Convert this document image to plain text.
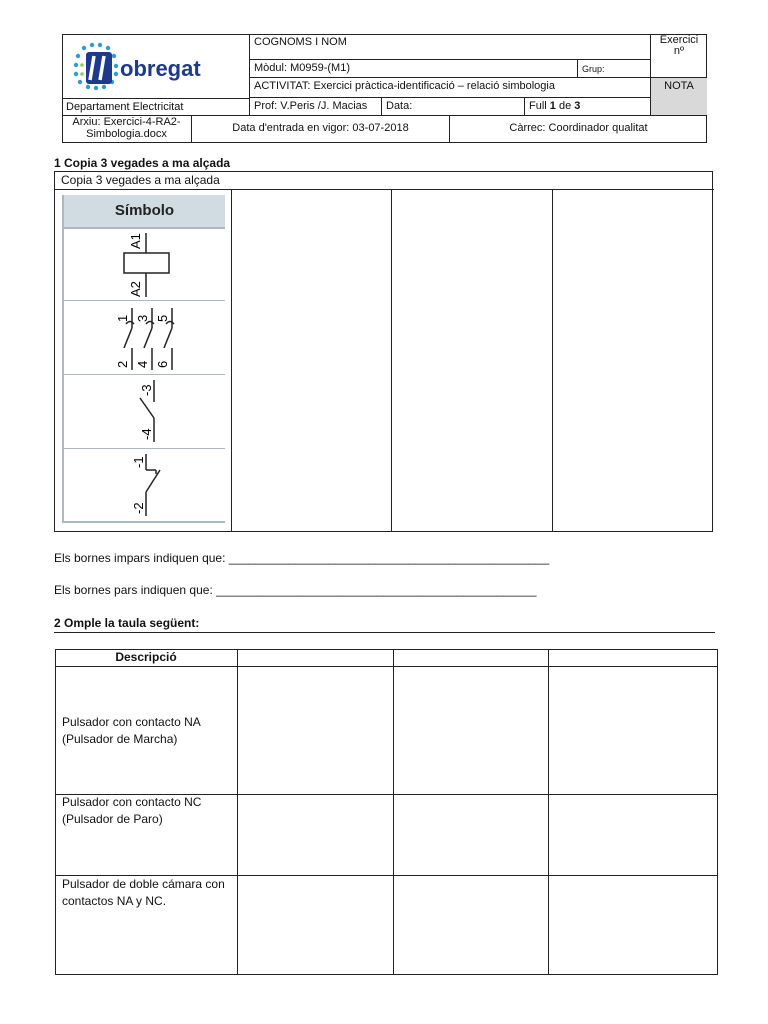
obregat
COGNOMS I NOM	Exercici nº
Mòdul: M0959-(M1)	Grup:
ACTIVITAT: Exercici pràctica-identificació – relació simbologia	NOTA
Departament Electricitat	Prof: V.Peris /J. Macias	Data:	Full 1 de 3
Arxiu: Exercici-4-RA2-Simbologia.docx	Data d'entrada en vigor: 03-07-2018	Càrrec: Coordinador qualitat
1 Copia 3 vegades a ma alçada
Copia 3 vegades a ma alçada
Símbolo
A1
A2
1 3 5
2 4 6
-3
-4
-1
-2
Els bornes impars indiquen que: ________________________________________________
Els bornes pars indiquen que: ________________________________________________
2 Omple la taula següent:
Descripció
Pulsador con contacto NA (Pulsador de Marcha)
Pulsador con contacto NC (Pulsador de Paro)
Pulsador de doble cámara con contactos NA y NC.
